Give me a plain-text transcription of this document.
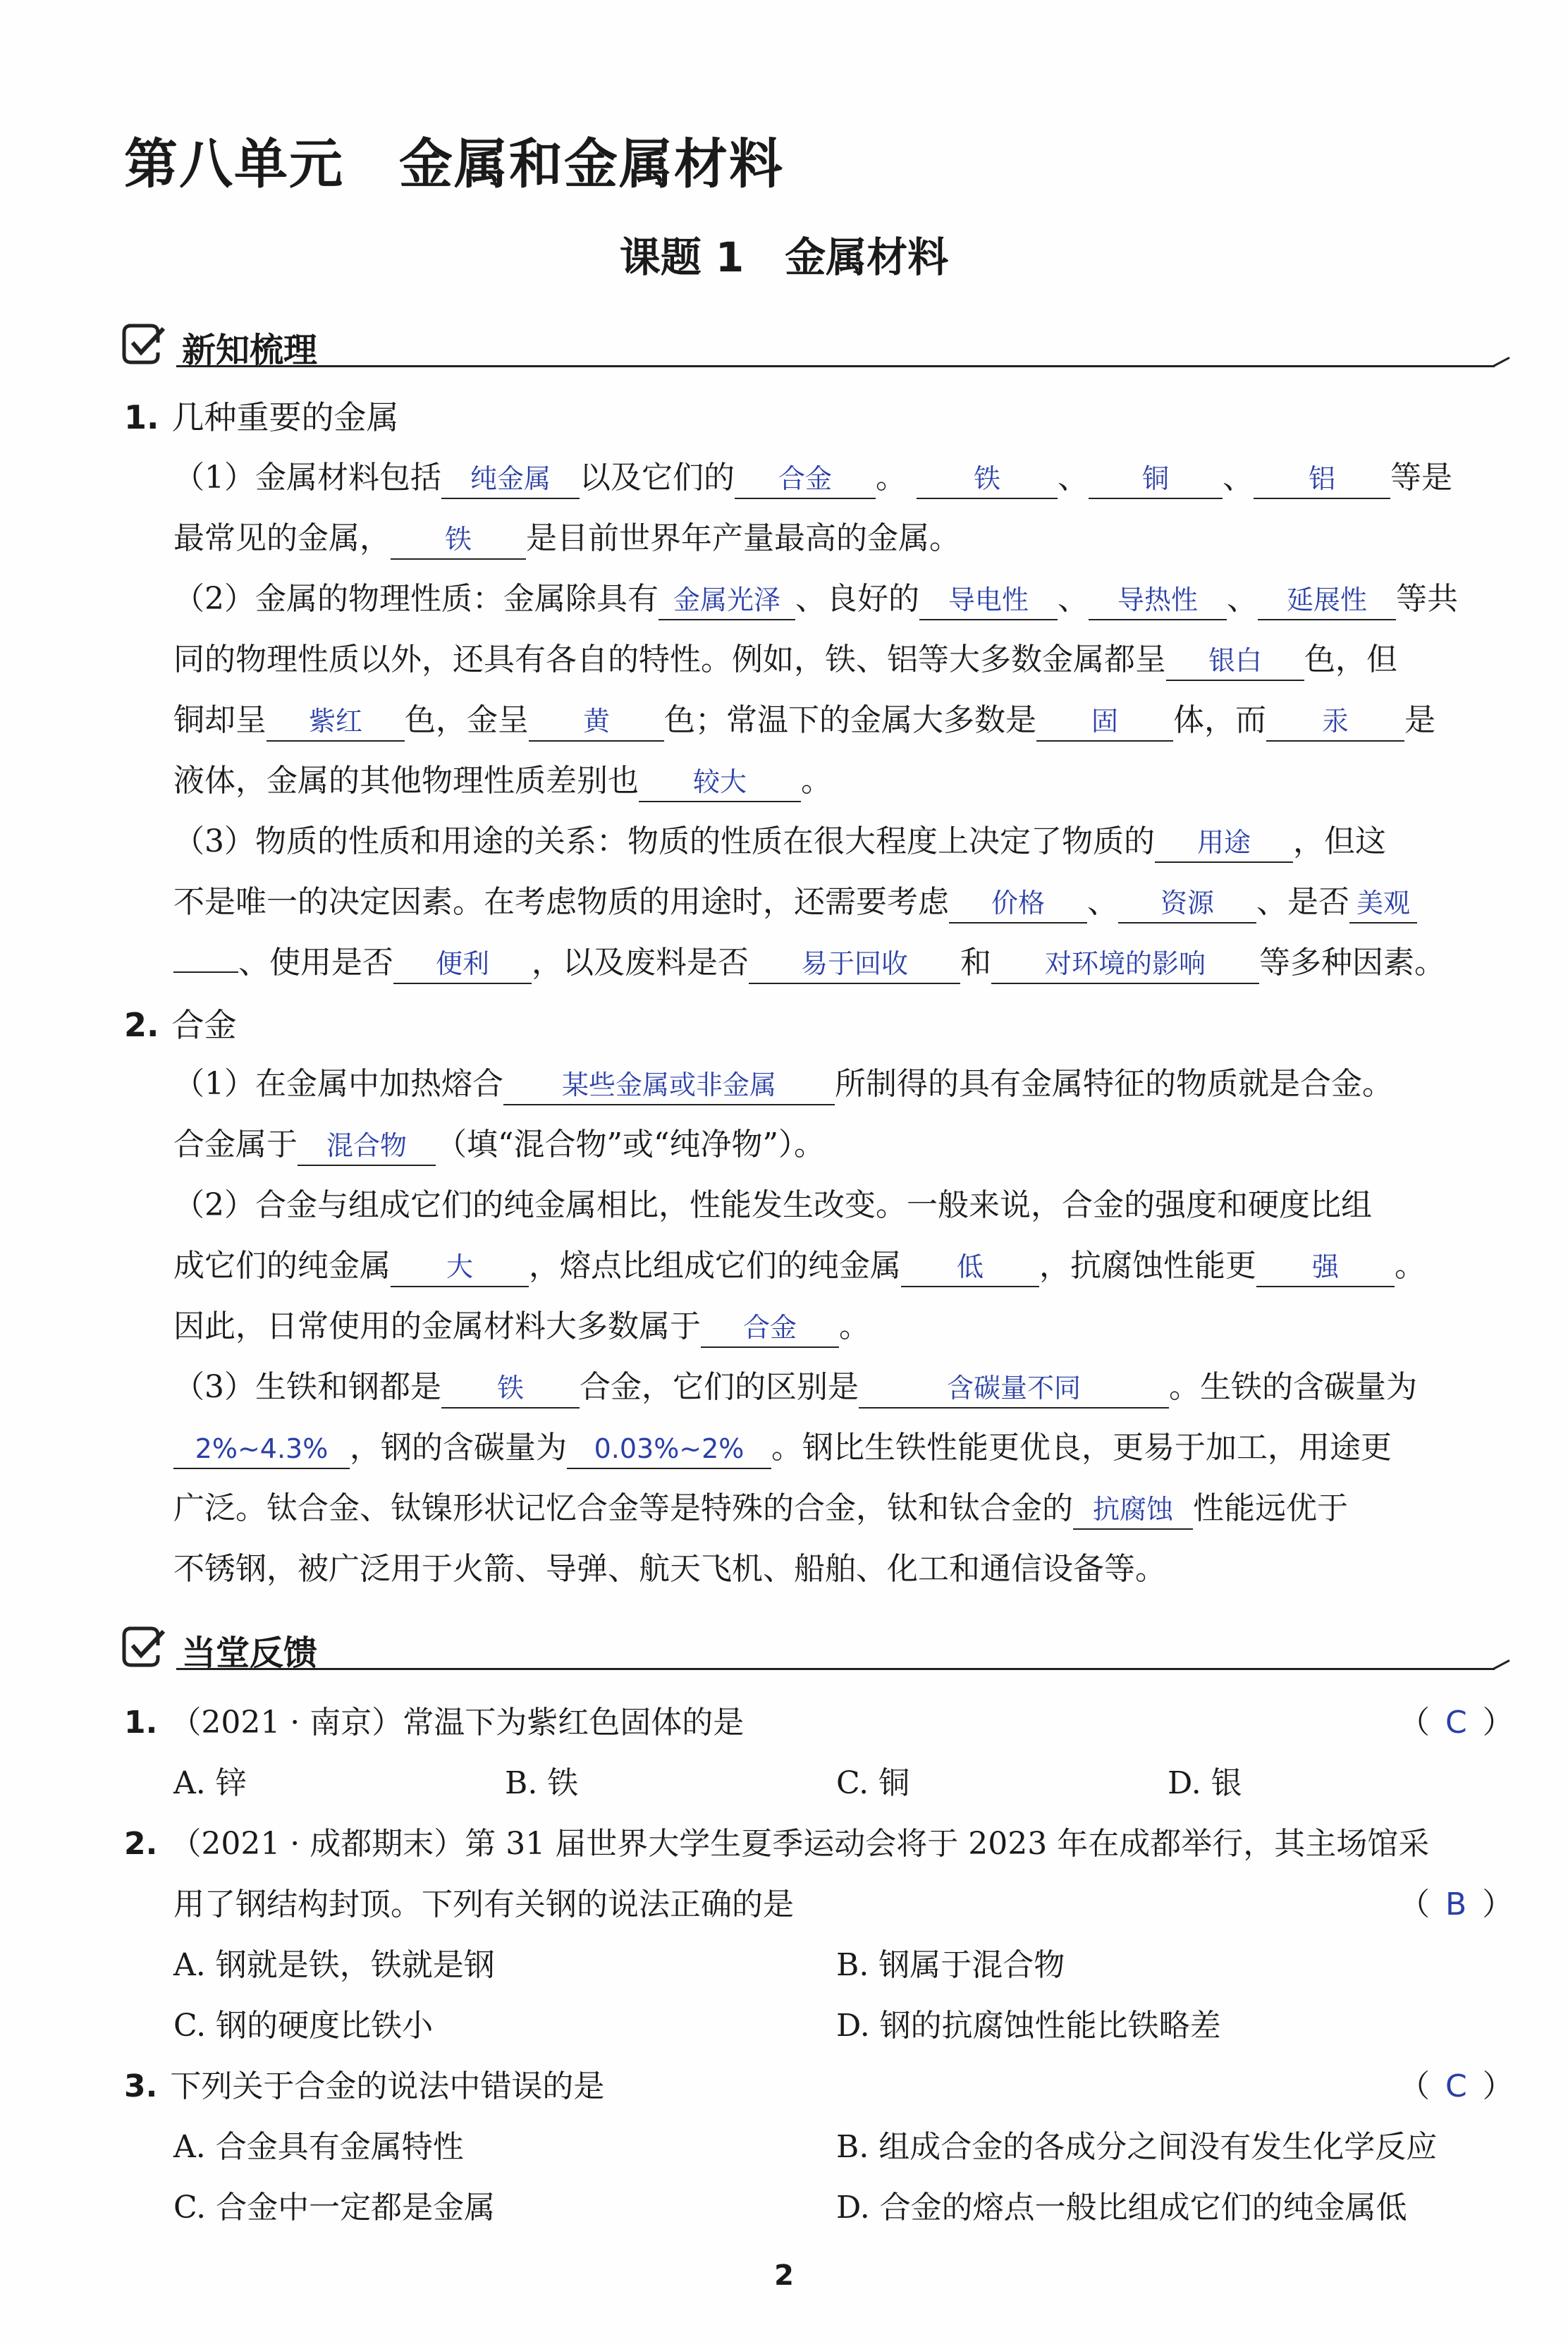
第八单元　金属和金属材料
课题 1　金属材料
新知梳理
1. 几种重要的金属
（1）金属材料包括 纯金属 以及它们的 合金 。 铁 、 铜 、 铝 等是
最常见的金属， 铁 是目前世界年产量最高的金属。
（2）金属的物理性质：金属除具有 金属光泽 、良好的 导电性 、 导热性 、 延展性 等共
同的物理性质以外，还具有各自的特性。例如，铁、铝等大多数金属都呈 银白 色，但
铜却呈 紫红 色，金呈 黄 色；常温下的金属大多数是 固 体，而 汞 是
液体，金属的其他物理性质差别也 较大 。
（3）物质的性质和用途的关系：物质的性质在很大程度上决定了物质的 用途 ，但这
不是唯一的决定因素。在考虑物质的用途时，还需要考虑 价格 、 资源 、是否 美观
、使用是否 便利 ，以及废料是否 易于回收 和 对环境的影响 等多种因素。
2. 合金
（1）在金属中加热熔合 某些金属或非金属 所制得的具有金属特征的物质就是合金。
合金属于 混合物 （填“混合物”或“纯净物”）。
（2）合金与组成它们的纯金属相比，性能发生改变。一般来说，合金的强度和硬度比组
成它们的纯金属 大 ，熔点比组成它们的纯金属 低 ，抗腐蚀性能更 强 。
因此，日常使用的金属材料大多数属于 合金 。
（3）生铁和钢都是 铁 合金，它们的区别是	含碳量不同	。生铁的含碳量为
2%~4.3% ，钢的含碳量为 0.03%~2% 。钢比生铁性能更优良，更易于加工，用途更
广泛。钛合金、钛镍形状记忆合金等是特殊的合金，钛和钛合金的 抗腐蚀 性能远优于
不锈钢，被广泛用于火箭、导弹、航天飞机、船舶、化工和通信设备等。
当堂反馈
1. （2021 · 南京）常温下为紫红色固体的是	（ C ）
A. 锌	B. 铁	C. 铜	D. 银
2. （2021 · 成都期末）第 31 届世界大学生夏季运动会将于 2023 年在成都举行，其主场馆采
用了钢结构封顶。下列有关钢的说法正确的是	（ B ）
A. 钢就是铁，铁就是钢	B. 钢属于混合物
C. 钢的硬度比铁小	D. 钢的抗腐蚀性能比铁略差
3. 下列关于合金的说法中错误的是	（ C ）
A. 合金具有金属特性	B. 组成合金的各成分之间没有发生化学反应
C. 合金中一定都是金属	D. 合金的熔点一般比组成它们的纯金属低
2
